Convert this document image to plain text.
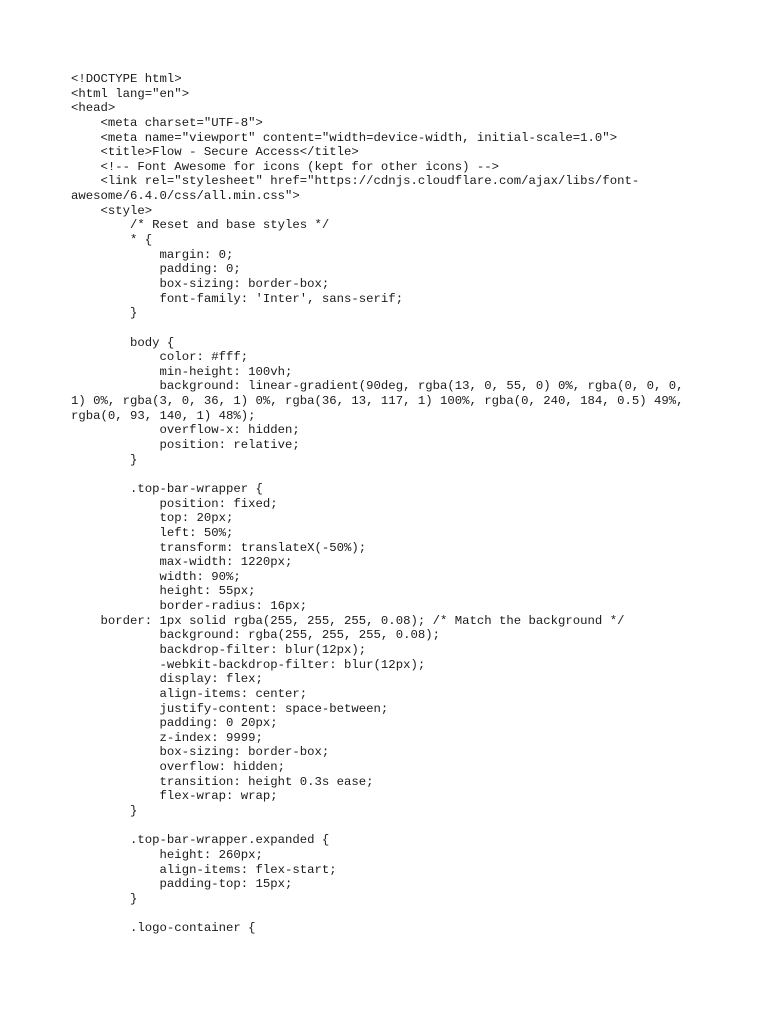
<!DOCTYPE html>
<html lang="en">
<head>
<meta charset="UTF-8">
<meta name="viewport" content="width=device-width, initial-scale=1.0">
<title>Flow - Secure Access</title>
<!-- Font Awesome for icons (kept for other icons) -->
<link rel="stylesheet" href="https://cdnjs.cloudflare.com/ajax/libs/font-
awesome/6.4.0/css/all.min.css">
<style>
/* Reset and base styles */
* {
margin: 0;
padding: 0;
box-sizing: border-box;
font-family: 'Inter', sans-serif;
}
body {
color: #fff;
min-height: 100vh;
background: linear-gradient(90deg, rgba(13, 0, 55, 0) 0%, rgba(0, 0, 0,
1) 0%, rgba(3, 0, 36, 1) 0%, rgba(36, 13, 117, 1) 100%, rgba(0, 240, 184, 0.5) 49%,
rgba(0, 93, 140, 1) 48%);
overflow-x: hidden;
position: relative;
}
.top-bar-wrapper {
position: fixed;
top: 20px;
left: 50%;
transform: translateX(-50%);
max-width: 1220px;
width: 90%;
height: 55px;
border-radius: 16px;
border: 1px solid rgba(255, 255, 255, 0.08); /* Match the background */
background: rgba(255, 255, 255, 0.08);
backdrop-filter: blur(12px);
-webkit-backdrop-filter: blur(12px);
display: flex;
align-items: center;
justify-content: space-between;
padding: 0 20px;
z-index: 9999;
box-sizing: border-box;
overflow: hidden;
transition: height 0.3s ease;
flex-wrap: wrap;
}
.top-bar-wrapper.expanded {
height: 260px;
align-items: flex-start;
padding-top: 15px;
}
.logo-container {
